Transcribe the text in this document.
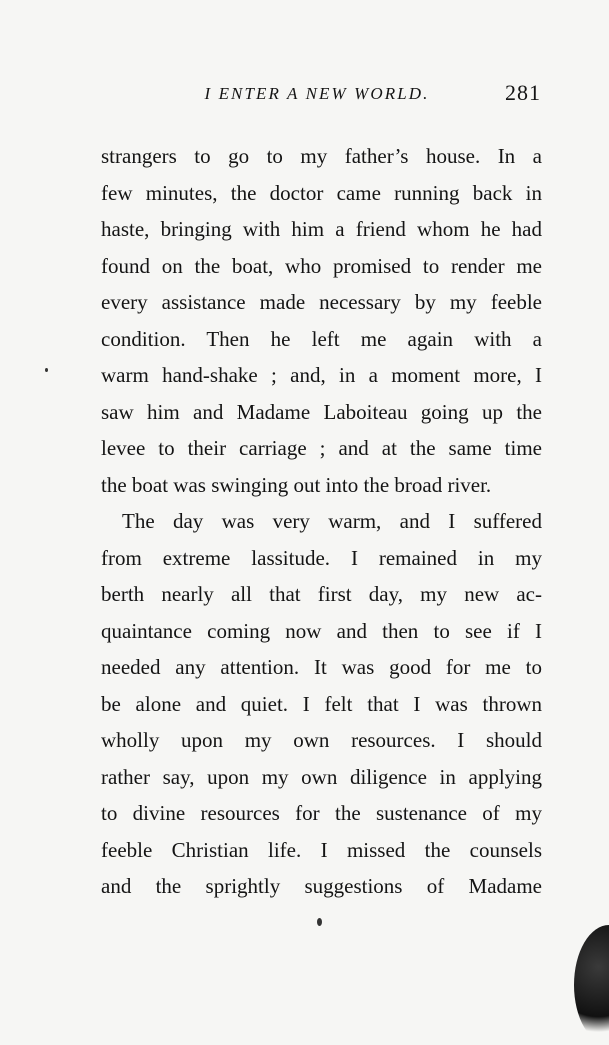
I ENTER A NEW WORLD.	281
strangers to go to my father’s house. In a
few minutes, the doctor came running back in
haste, bringing with him a friend whom he had
found on the boat, who promised to render me
every assistance made necessary by my feeble
condition. Then he left me again with a
warm hand-shake ; and, in a moment more, I
saw him and Madame Laboiteau going up the
levee to their carriage ; and at the same time
the boat was swinging out into the broad river.
The day was very warm, and I suffered
from extreme lassitude. I remained in my
berth nearly all that first day, my new ac-
quaintance coming now and then to see if I
needed any attention. It was good for me to
be alone and quiet. I felt that I was thrown
wholly upon my own resources. I should
rather say, upon my own diligence in applying
to divine resources for the sustenance of my
feeble Christian life. I missed the counsels
and the sprightly suggestions of Madame
